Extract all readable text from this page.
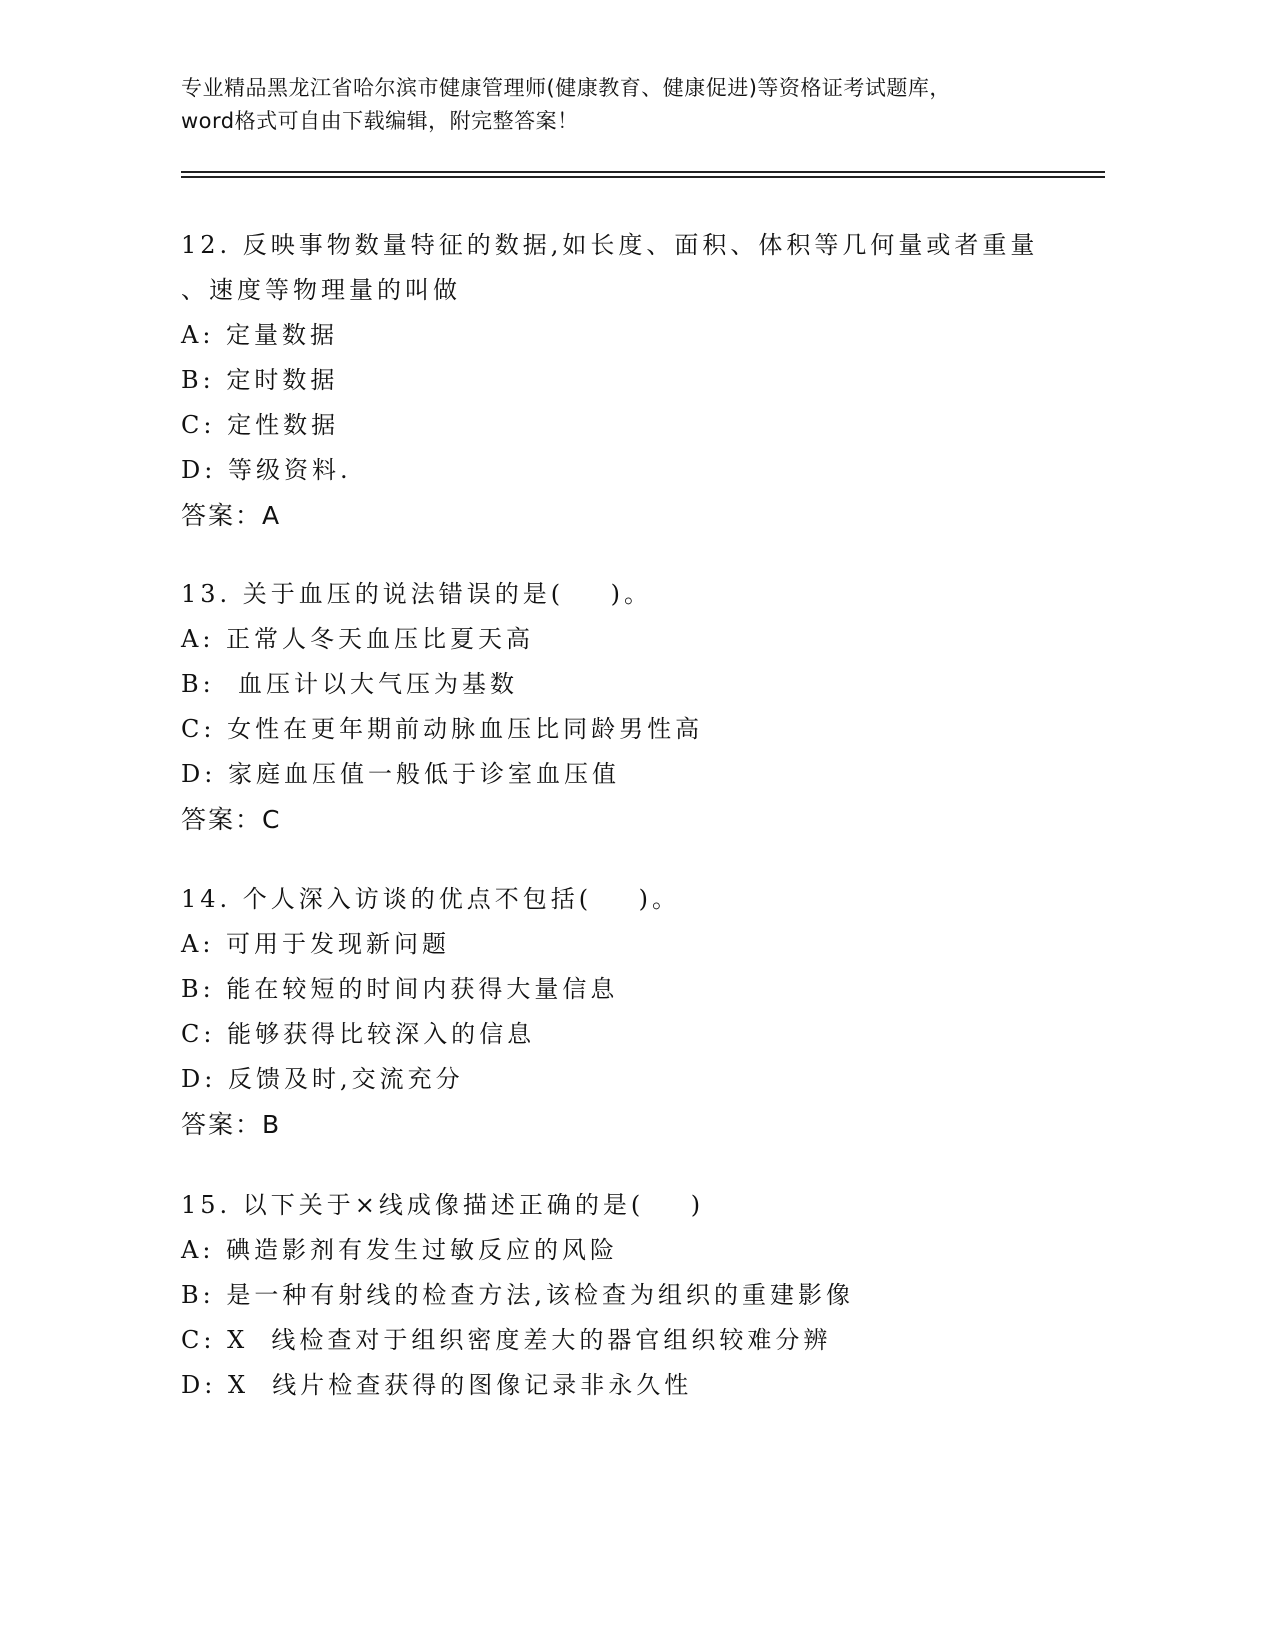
专业精品黑龙江省哈尔滨市健康管理师(健康教育、健康促进)等资格证考试题库，
word格式可自由下载编辑，附完整答案！
12. 反映事物数量特征的数据,如长度、面积、体积等几何量或者重量
、速度等物理量的叫做
A: 定量数据
B: 定时数据
C: 定性数据
D: 等级资料.
答案：A
13. 关于血压的说法错误的是(    )。
A: 正常人冬天血压比夏天高
B:  血压计以大气压为基数
C: 女性在更年期前动脉血压比同龄男性高
D: 家庭血压值一般低于诊室血压值
答案：C
14. 个人深入访谈的优点不包括(    )。
A: 可用于发现新问题
B: 能在较短的时间内获得大量信息
C: 能够获得比较深入的信息
D: 反馈及时,交流充分
答案：B
15. 以下关于×线成像描述正确的是(    )
A: 碘造影剂有发生过敏反应的风险
B: 是一种有射线的检查方法,该检查为组织的重建影像
C: X  线检查对于组织密度差大的器官组织较难分辨
D: X  线片检查获得的图像记录非永久性
